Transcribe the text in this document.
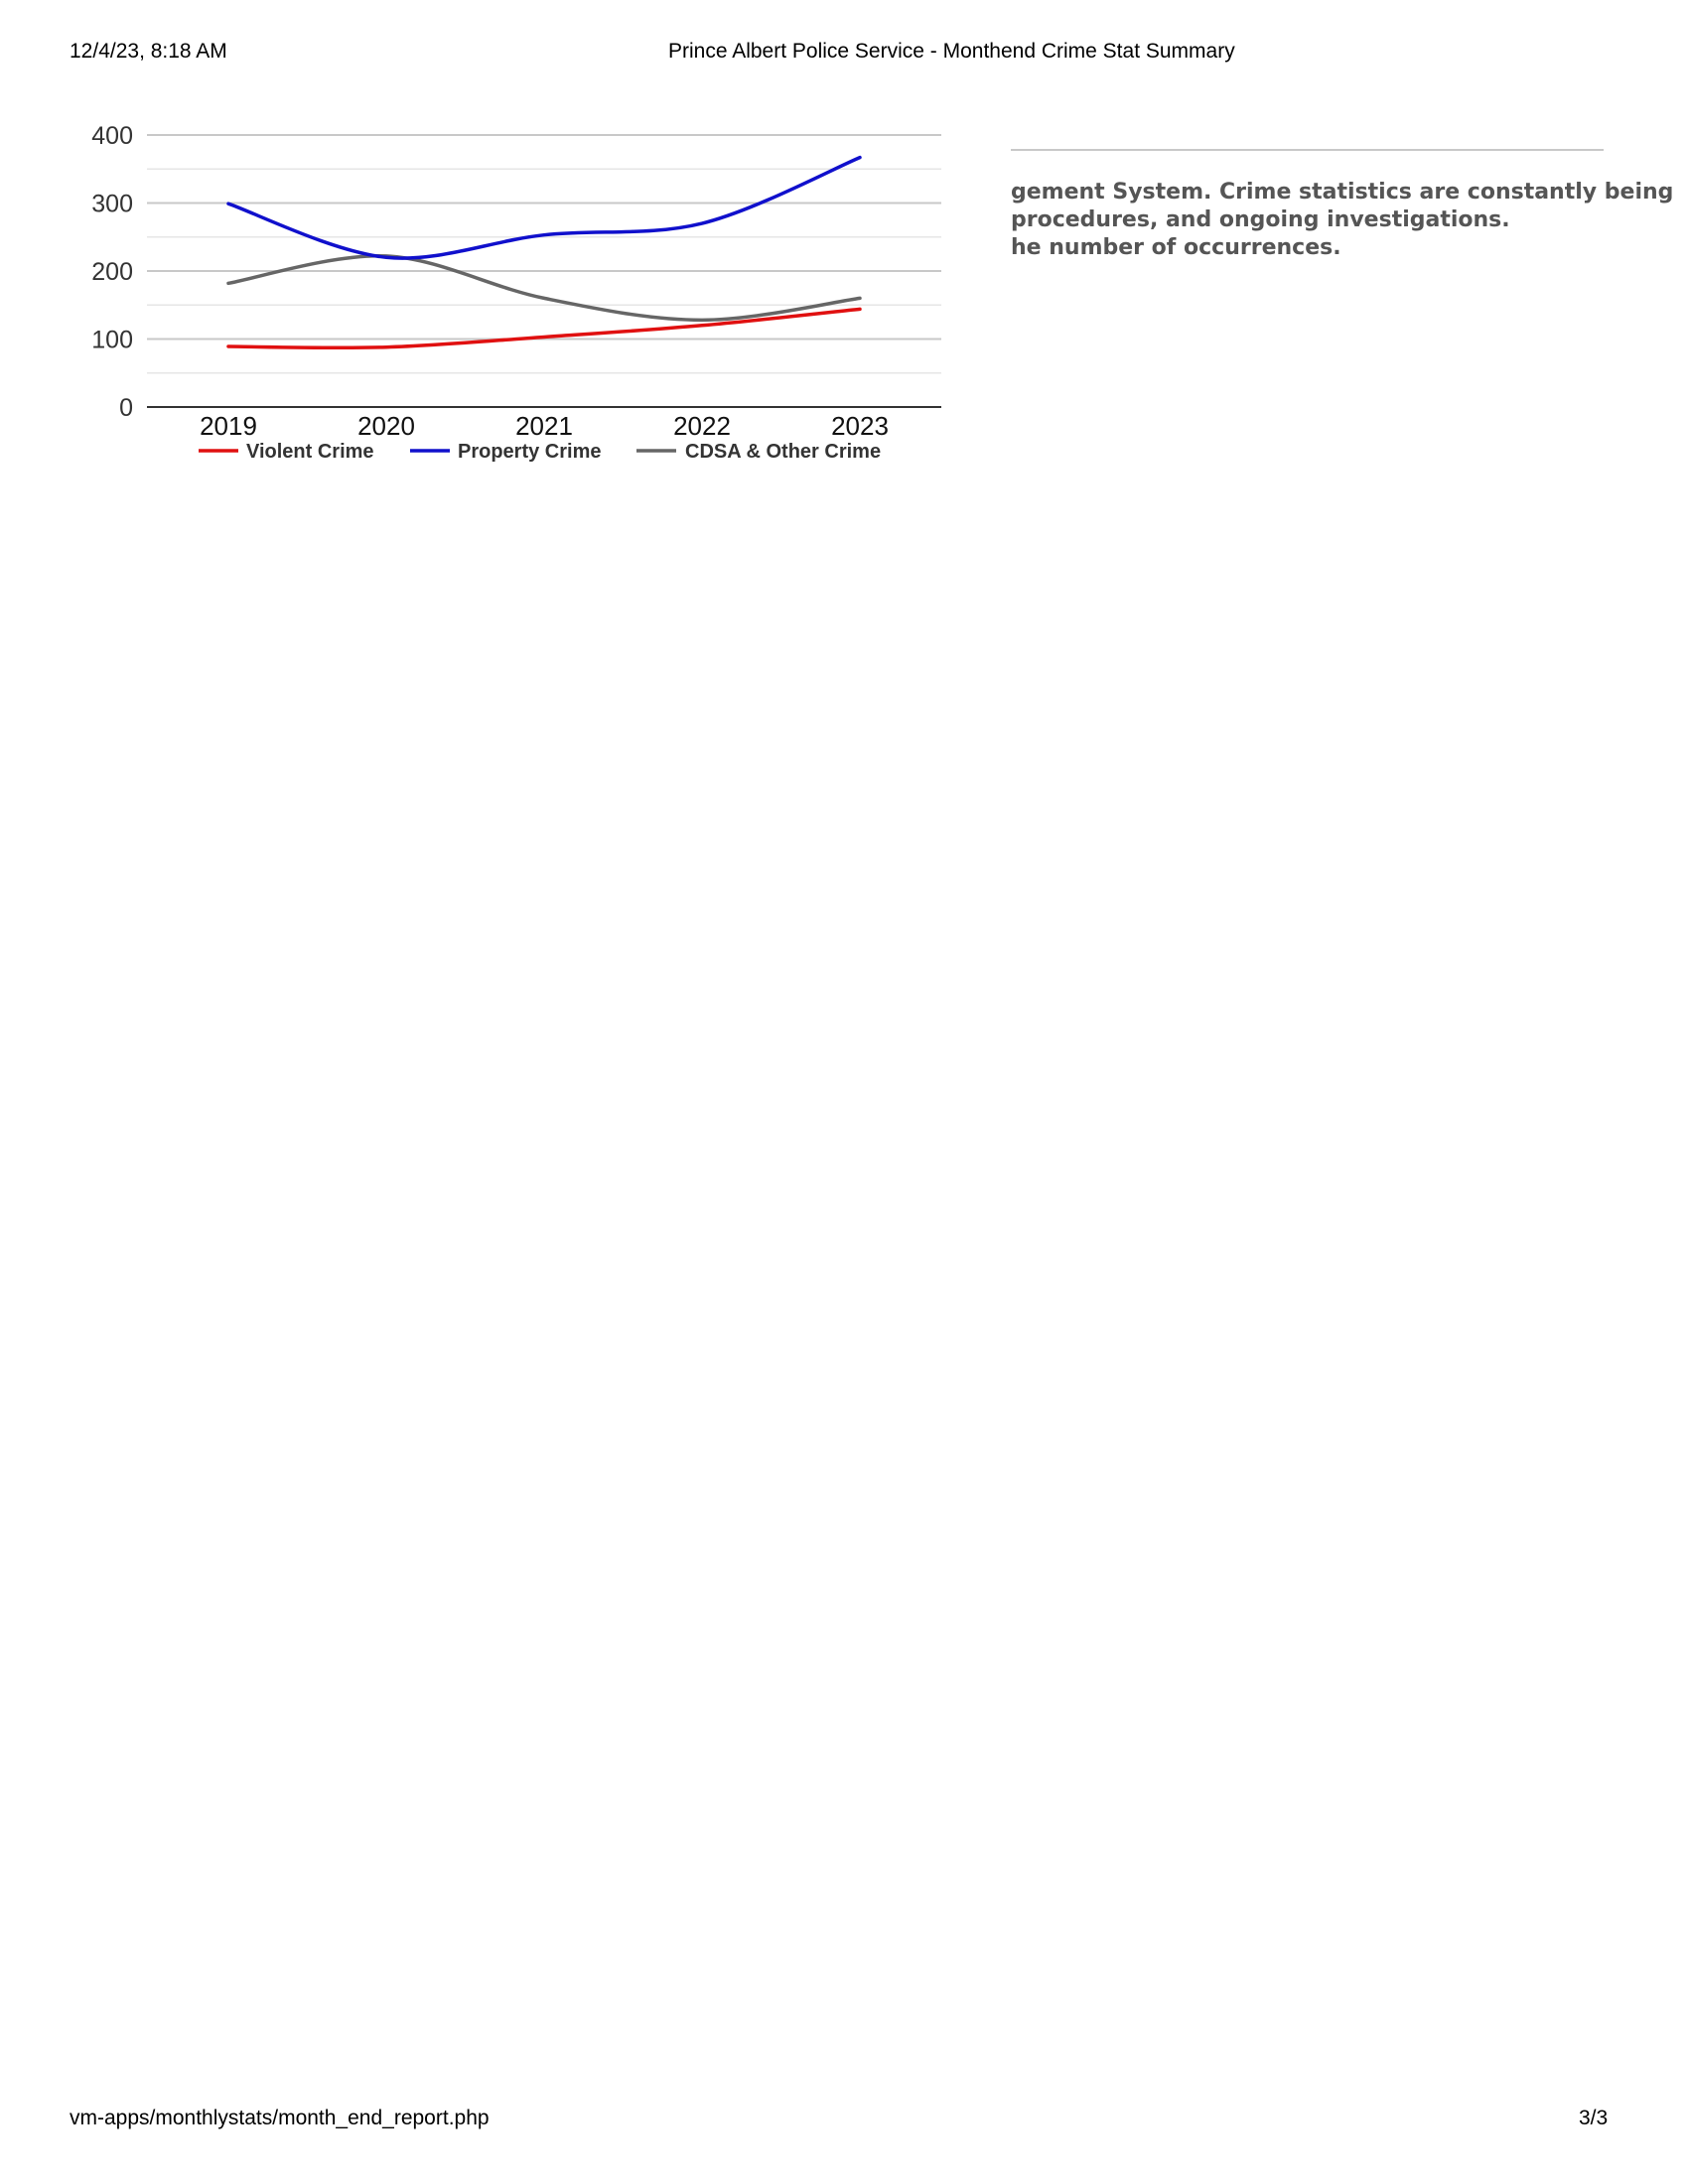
12/4/23, 8:18 AM	Prince Albert Police Service - Monthend Crime Stat Summary
0
100
200
300
400
2019	2020	2021	2022	2023
Violent Crime	Property Crime	CDSA & Other Crime
gement System. Crime statistics are constantly being
procedures, and ongoing investigations.
he number of occurrences.
vm-apps/monthlystats/month_end_report.php	3/3
